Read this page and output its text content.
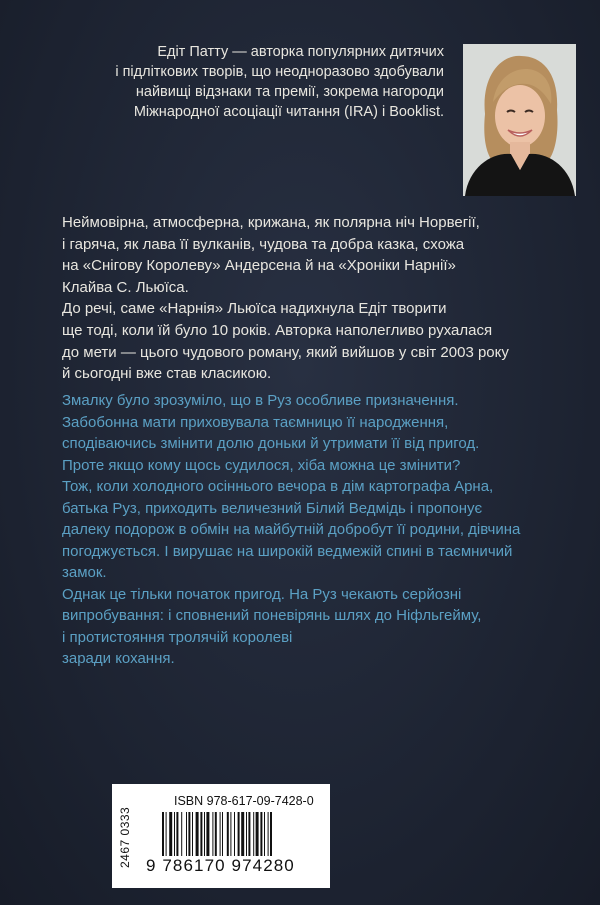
Едіт Патту — авторка популярних дитячих
і підліткових творів, що неодноразово здобували
найвищі відзнаки та премії, зокрема нагороди
Міжнародної асоціації читання (IRA) і Booklist.

Неймовірна, атмосферна, крижана, як полярна ніч Норвегії,
і гаряча, як лава її вулканів, чудова та добра казка, схожа
на «Снігову Королеву» Андерсена й на «Хроніки Нарнії»
Клайва С. Льюїса.
До речі, саме «Нарнія» Льюїса надихнула Едіт творити
ще тоді, коли їй було 10 років. Авторка наполегливо рухалася
до мети — цього чудового роману, який вийшов у світ 2003 року
й сьогодні вже став класикою.

Змалку було зрозуміло, що в Руз особливе призначення.
Забобонна мати приховувала таємницю її народження,
сподіваючись змінити долю доньки й утримати її від пригод.
Проте якщо кому щось судилося, хіба можна це змінити?
Тож, коли холодного осіннього вечора в дім картографа Арна,
батька Руз, приходить величезний Білий Ведмідь і пропонує
далеку подорож в обмін на майбутній добробут її родини, дівчина
погоджується. І вирушає на широкій ведмежій спині в таємничий
замок.
Однак це тільки початок пригод. На Руз чекають серйозні
випробування: і сповнений поневірянь шлях до Ніфльгейму,
і протистояння тролячій королеві
заради кохання.

ISBN 978-617-09-7428-0
2467 0333 9 786170 974280
